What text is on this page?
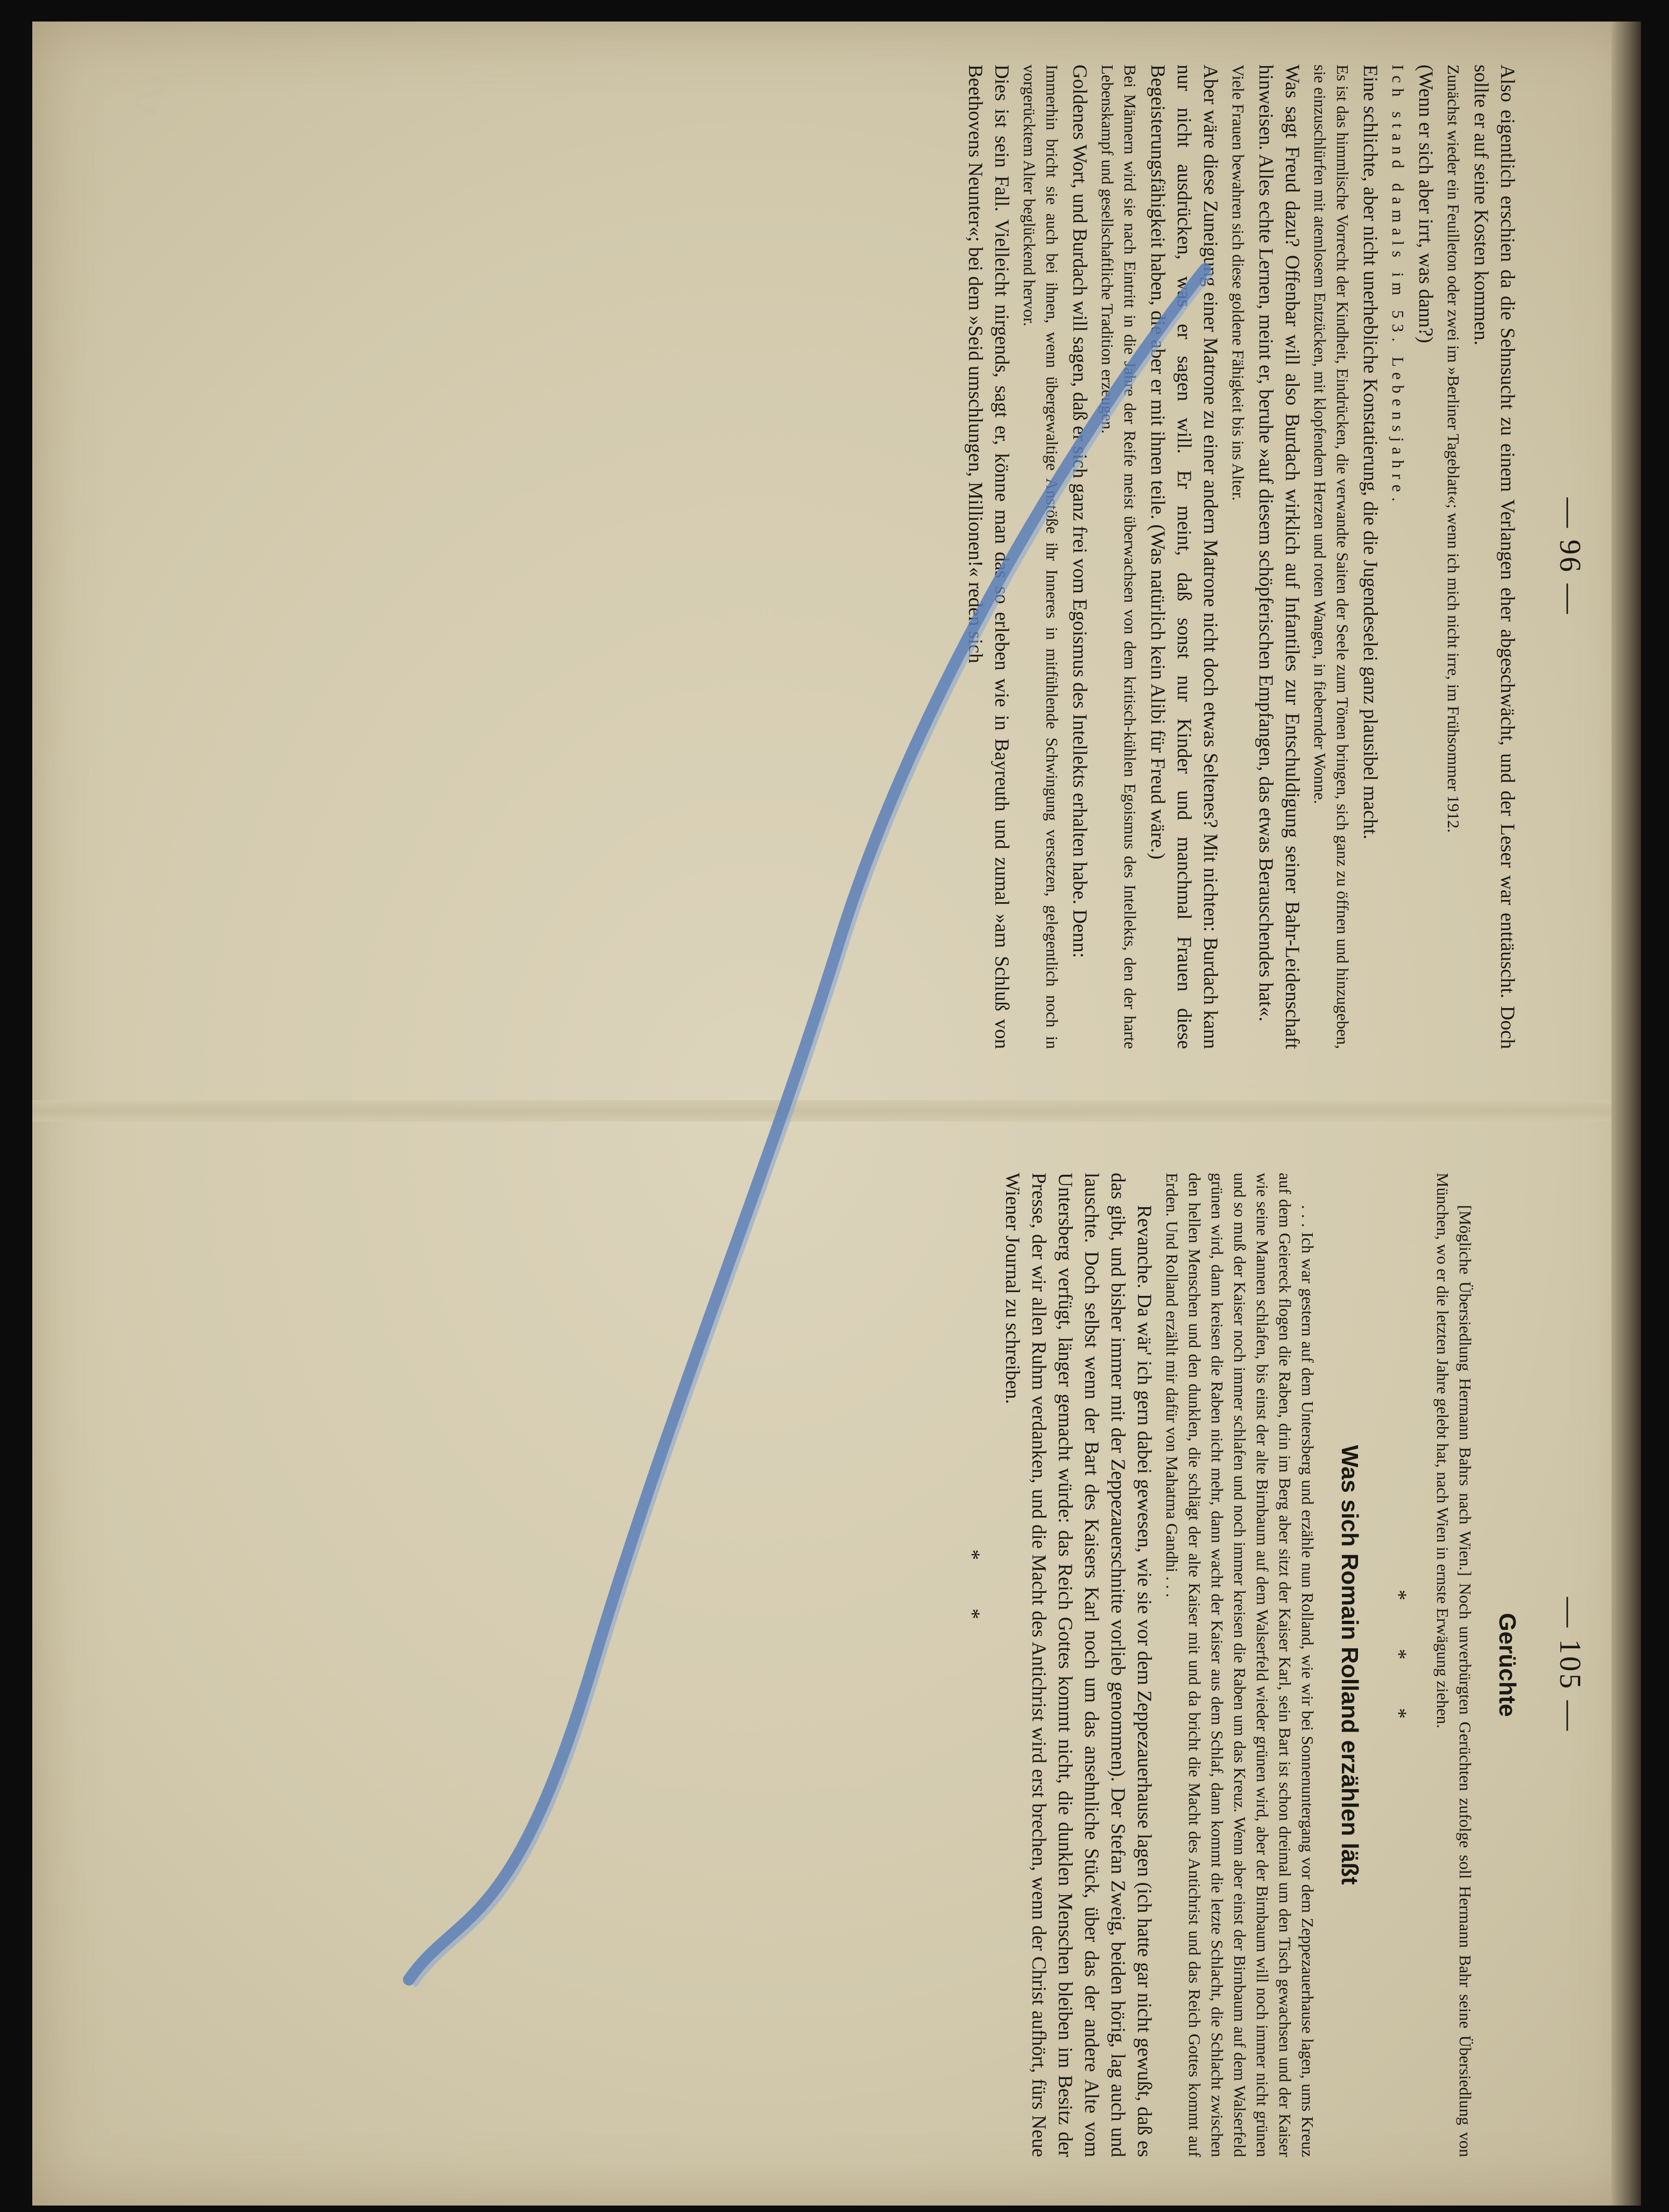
∿
— 96 —

Also eigentlich erschien da die Sehnsucht zu einem Verlangen eher abgeschwächt, und der Leser war enttäuscht. Doch sollte er auf seine Kosten kommen.

Zunächst wieder ein Feuilleton oder zwei im »Berliner Tageblatt«; wenn ich mich nicht irre, im Frühsommer 1912.

(Wenn er sich aber irrt, was dann?)

Ich stand damals im 53. Lebensjahre.

Eine schlichte, aber nicht unerhebliche Konstatierung, die die Jugendeselei ganz plausibel macht.

Es ist das himmlische Vorrecht der Kindheit, Eindrücken, die verwandte Saiten der Seele zum Tönen bringen, sich ganz zu öffnen und hinzugeben, sie einzuschlürfen mit atemlosem Entzücken, mit klopfendem Herzen und roten Wangen, in fiebernder Wonne.

Was sagt Freud dazu? Offenbar will also Burdach wirklich auf Infantiles zur Entschuldigung seiner Bahr-Leidenschaft hinweisen. Alles echte Lernen, meint er, beruhe »auf diesem schöpferischen Empfangen, das etwas Berauschendes hat«.

Viele Frauen bewahren sich diese goldene Fähigkeit bis ins Alter.

Aber wäre diese Zuneigung einer Matrone zu einer andern Matrone nicht doch etwas Seltenes? Mit nichten: Burdach kann nur nicht ausdrücken, was er sagen will. Er meint, daß sonst nur Kinder und manchmal Frauen diese Begeisterungsfähigkeit haben, die aber er mit ihnen teile. (Was natürlich kein Alibi für Freud wäre.)

Bei Männern wird sie nach Eintritt in die Jahre der Reife meist überwachsen von dem kritisch-kühlen Egoismus des Intellekts, den der harte Lebenskampf und gesellschaftliche Tradition erzeugen.

Goldenes Wort, und Burdach will sagen, daß er sich ganz frei vom Egoismus des Intellekts erhalten habe. Denn:

Immerhin bricht sie auch bei ihnen, wenn übergewaltige Anstöße ihr Inneres in mitfühlende Schwingung versetzen, gelegentlich noch in vorgerücktem Alter beglückend hervor.

Dies ist sein Fall. Vielleicht nirgends, sagt er, könne man das so erleben wie in Bayreuth und zumal »am Schluß von Beethovens Neunter«; bei dem »Seid umschlungen, Millionen!« reden sich

— 105 —
Gerüchte

[Mögliche Übersiedlung Hermann Bahrs nach Wien.] Noch unverbürgten Gerüchten zufolge soll Hermann Bahr seine Übersiedlung von München, wo er die letzten Jahre gelebt hat, nach Wien in ernste Erwägung ziehen.

* * *
Was sich Romain Rolland erzählen läßt

. . . Ich war gestern auf dem Untersberg und erzähle nun Rolland, wie wir bei Sonnenuntergang vor dem Zeppezauerhause lagen, ums Kreuz auf dem Geiereck flogen die Raben, drin im Berg aber sitzt der Kaiser Karl, sein Bart ist schon dreimal um den Tisch gewachsen und der Kaiser wie seine Mannen schlafen, bis einst der alte Birnbaum auf dem Walserfeld wieder grünen wird, aber der Birnbaum will noch immer nicht grünen und so muß der Kaiser noch immer schlafen und noch immer kreisen die Raben um das Kreuz. Wenn aber einst der Birnbaum auf dem Walserfeld grünen wird, dann kreisen die Raben nicht mehr, dann wacht der Kaiser aus dem Schlaf, dann kommt die letzte Schlacht, die Schlacht zwischen den hellen Menschen und den dunklen, die schlägt der alte Kaiser mit und da bricht die Macht des Antichrist und das Reich Gottes kommt auf Erden. Und Rolland erzählt mir dafür von Mahatma Gandhi . . .

Revanche. Da wär' ich gern dabei gewesen, wie sie vor dem Zeppezauerhause lagen (ich hatte gar nicht gewußt, daß es das gibt, und bisher immer mit der Zeppezauerschnitte vorlieb genommen). Der Stefan Zweig, beiden hörig, lag auch und lauschte. Doch selbst wenn der Bart des Kaisers Karl noch um das ansehnliche Stück, über das der andere Alte vom Untersberg verfügt, länger gemacht würde: das Reich Gottes kommt nicht, die dunklen Menschen bleiben im Besitz der Presse, der wir allen Ruhm verdanken, und die Macht des Antichrist wird erst brechen, wenn der Christ aufhört, fürs Neue Wiener Journal zu schreiben.

* *
